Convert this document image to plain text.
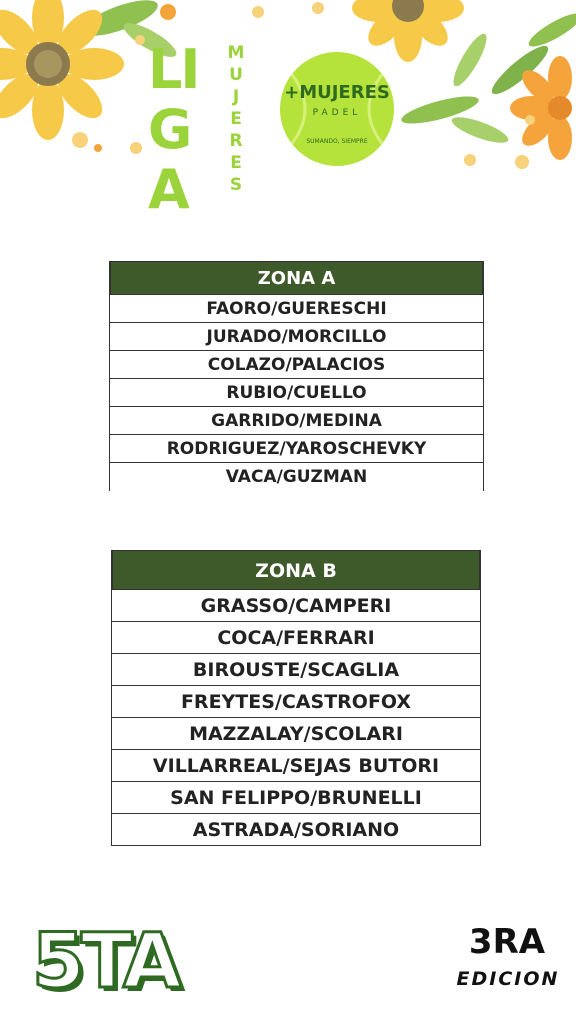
LIGA
M
U
J
E
R
E
S
+MUJERES
PADEL
SUMANDO, SIEMPRE
ZONA A
FAORO/GUERESCHI
JURADO/MORCILLO
COLAZO/PALACIOS
RUBIO/CUELLO
GARRIDO/MEDINA
RODRIGUEZ/YAROSCHEVKY
VACA/GUZMAN
ZONA B
GRASSO/CAMPERI
COCA/FERRARI
BIROUSTE/SCAGLIA
FREYTES/CASTROFOX
MAZZALAY/SCOLARI
VILLARREAL/SEJAS BUTORI
SAN FELIPPO/BRUNELLI
ASTRADA/SORIANO
5TA	3RA
EDICION
